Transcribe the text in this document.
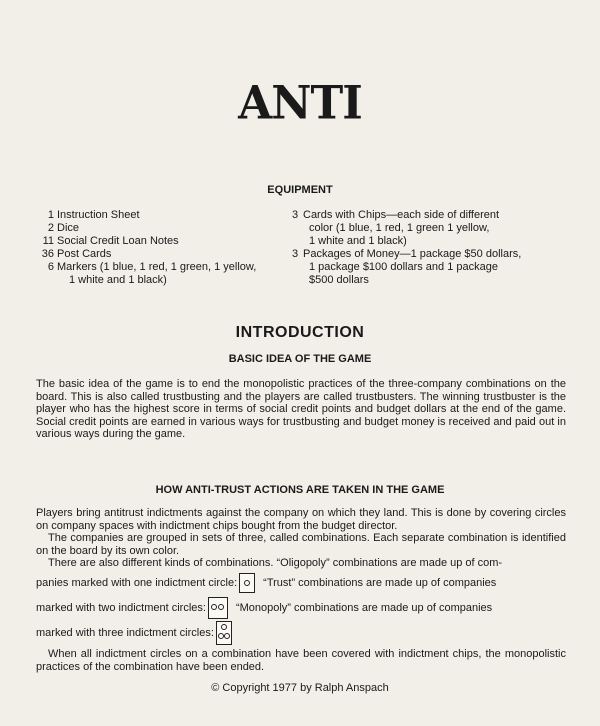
ANTI
EQUIPMENT
1 Instruction Sheet
2 Dice
11 Social Credit Loan Notes
36 Post Cards
6 Markers (1 blue, 1 red, 1 green, 1 yellow,
1 white and 1 black)
3 Cards with Chips—each side of different
color (1 blue, 1 red, 1 green 1 yellow,
1 white and 1 black)
3 Packages of Money—1 package $50 dollars,
1 package $100 dollars and 1 package
$500 dollars
INTRODUCTION
BASIC IDEA OF THE GAME
The basic idea of the game is to end the monopolistic practices of the three-company combinations on the board. This is also called trustbusting and the players are called trustbusters. The winning trustbuster is the player who has the highest score in terms of social credit points and budget dollars at the end of the game. Social credit points are earned in various ways for trustbusting and budget money is received and paid out in various ways during the game.
HOW ANTI-TRUST ACTIONS ARE TAKEN IN THE GAME
Players bring antitrust indictments against the company on which they land. This is done by covering circles on company spaces with indictment chips bought from the budget director.
The companies are grouped in sets of three, called combinations. Each separate combination is identified on the board by its own color.
There are also different kinds of combinations. “Oligopoly” combinations are made up of com-
panies marked with one indictment circle:	“Trust” combinations are made up of companies
marked with two indictment circles:	“Monopoly” combinations are made up of companies
marked with three indictment circles:
When all indictment circles on a combination have been covered with indictment chips, the monopolistic practices of the combination have been ended.
© Copyright 1977 by Ralph Anspach
